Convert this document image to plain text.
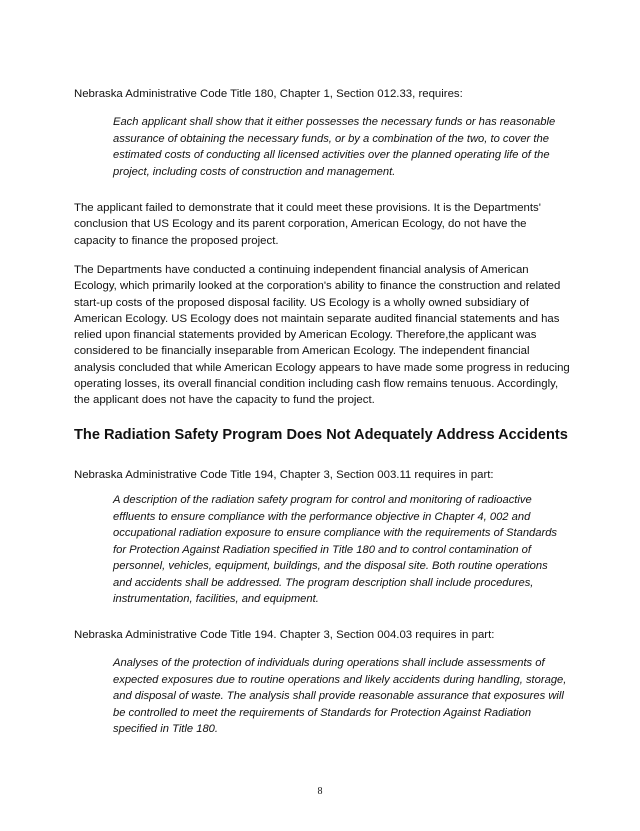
Nebraska Administrative Code Title 180, Chapter 1, Section 012.33, requires:

Each applicant shall show that it either possesses the necessary funds or has reasonable assurance of obtaining the necessary funds, or by a combination of the two, to cover the estimated costs of conducting all licensed activities over the planned operating life of the project, including costs of construction and management.

The applicant failed to demonstrate that it could meet these provisions. It is the Departments' conclusion that US Ecology and its parent corporation, American Ecology, do not have the capacity to finance the proposed project.

The Departments have conducted a continuing independent financial analysis of American Ecology, which primarily looked at the corporation's ability to finance the construction and related start-up costs of the proposed disposal facility. US Ecology is a wholly owned subsidiary of American Ecology. US Ecology does not maintain separate audited financial statements and has relied upon financial statements provided by American Ecology. Therefore,the applicant was considered to be financially inseparable from American Ecology. The independent financial analysis concluded that while American Ecology appears to have made some progress in reducing operating losses, its overall financial condition including cash flow remains tenuous. Accordingly, the applicant does not have the capacity to fund the project.

The Radiation Safety Program Does Not Adequately Address Accidents

Nebraska Administrative Code Title 194, Chapter 3, Section 003.11 requires in part:

A description of the radiation safety program for control and monitoring of radioactive effluents to ensure compliance with the performance objective in Chapter 4, 002 and occupational radiation exposure to ensure compliance with the requirements of Standards for Protection Against Radiation specified in Title 180 and to control contamination of personnel, vehicles, equipment, buildings, and the disposal site. Both routine operations and accidents shall be addressed. The program description shall include procedures, instrumentation, facilities, and equipment.

Nebraska Administrative Code Title 194. Chapter 3, Section 004.03 requires in part:

Analyses of the protection of individuals during operations shall include assessments of expected exposures due to routine operations and likely accidents during handling, storage, and disposal of waste. The analysis shall provide reasonable assurance that exposures will be controlled to meet the requirements of Standards for Protection Against Radiation specified in Title 180.

8
